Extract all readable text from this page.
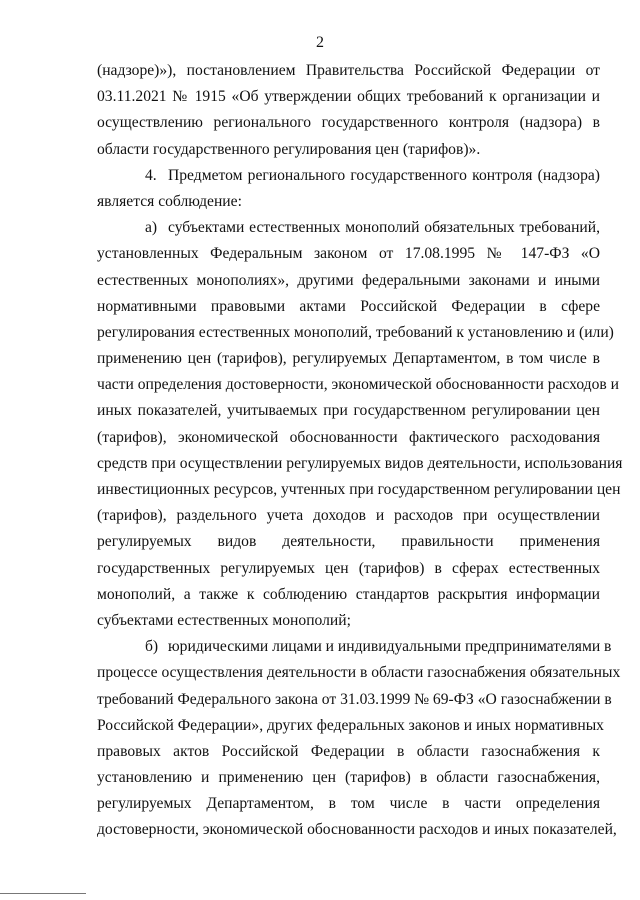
2
(надзоре)»), постановлением Правительства Российской Федерации от
03.11.2021 № 1915 «Об утверждении общих требований к организации и
осуществлению регионального государственного контроля (надзора) в
области государственного регулирования цен (тарифов)».
4. Предметом регионального государственного контроля (надзора)
является соблюдение:
а) субъектами естественных монополий обязательных требований,
установленных Федеральным законом от 17.08.1995 № 147-ФЗ «О
естественных монополиях», другими федеральными законами и иными
нормативными правовыми актами Российской Федерации в сфере
регулирования естественных монополий, требований к установлению и (или)
применению цен (тарифов), регулируемых Департаментом, в том числе в
части определения достоверности, экономической обоснованности расходов и
иных показателей, учитываемых при государственном регулировании цен
(тарифов), экономической обоснованности фактического расходования
средств при осуществлении регулируемых видов деятельности, использования
инвестиционных ресурсов, учтенных при государственном регулировании цен
(тарифов), раздельного учета доходов и расходов при осуществлении
регулируемых видов деятельности, правильности применения
государственных регулируемых цен (тарифов) в сферах естественных
монополий, а также к соблюдению стандартов раскрытия информации
субъектами естественных монополий;
б) юридическими лицами и индивидуальными предпринимателями в
процессе осуществления деятельности в области газоснабжения обязательных
требований Федерального закона от 31.03.1999 № 69-ФЗ «О газоснабжении в
Российской Федерации», других федеральных законов и иных нормативных
правовых актов Российской Федерации в области газоснабжения к
установлению и применению цен (тарифов) в области газоснабжения,
регулируемых Департаментом, в том числе в части определения
достоверности, экономической обоснованности расходов и иных показателей,
